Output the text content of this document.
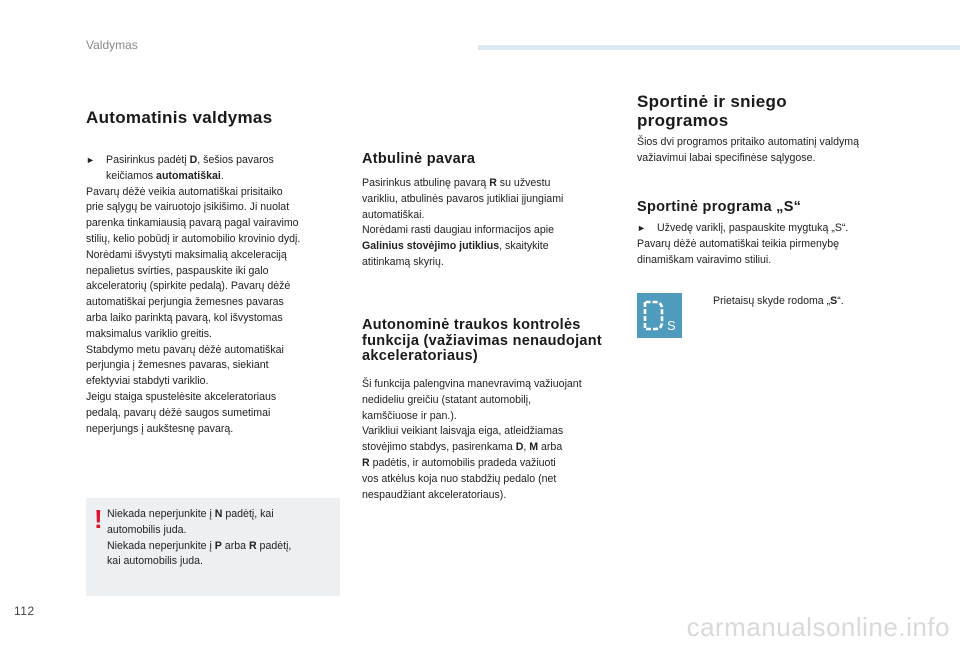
Valdymas
Automatinis valdymas
► Pasirinkus padėtį D, šešios pavaros
keičiamos automatiškai.
Pavarų dėžė veikia automatiškai prisitaiko
prie sąlygų be vairuotojo įsikišimo. Ji nuolat
parenka tinkamiausią pavarą pagal vairavimo
stilių, kelio pobūdį ir automobilio krovinio dydį.
Norėdami išvystyti maksimalią akceleraciją
nepalietus svirties, paspauskite iki galo
akceleratorių (spirkite pedalą). Pavarų dėžė
automatiškai perjungia žemesnes pavaras
arba laiko parinktą pavarą, kol išvystomas
maksimalus variklio greitis.
Stabdymo metu pavarų dėžė automatiškai
perjungia į žemesnes pavaras, siekiant
efektyviai stabdyti variklio.
Jeigu staiga spustelėsite akceleratoriaus
pedalą, pavarų dėžė saugos sumetimai
neperjungs į aukštesnę pavarą.
! Niekada neperjunkite į N padėtį, kai
automobilis juda.
Niekada neperjunkite į P arba R padėtį,
kai automobilis juda.
Atbulinė pavara
Pasirinkus atbulinę pavarą R su užvestu
varikliu, atbulinės pavaros jutikliai įjungiami
automatiškai.
Norėdami rasti daugiau informacijos apie
Galinius stovėjimo jutiklius, skaitykite
atitinkamą skyrių.
Autonominė traukos kontrolės
funkcija (važiavimas nenaudojant
akceleratoriaus)
Ši funkcija palengvina manevravimą važiuojant
nedideliu greičiu (statant automobilį,
kamščiuose ir pan.).
Varikliui veikiant laisvąja eiga, atleidžiamas
stovėjimo stabdys, pasirenkama D, M arba
R padėtis, ir automobilis pradeda važiuoti
vos atkėlus koja nuo stabdžių pedalo (net
nespaudžiant akceleratoriaus).
Sportinė ir sniego
programos
Šios dvi programos pritaiko automatinį valdymą
važiavimui labai specifinėse sąlygose.
Sportinė programa „S“
► Užvedę variklį, paspauskite mygtuką „S“.
Pavarų dėžė automatiškai teikia pirmenybę
dinamiškam vairavimo stiliui.
S
Prietaisų skyde rodoma „S“.
112
carmanualsonline.info
